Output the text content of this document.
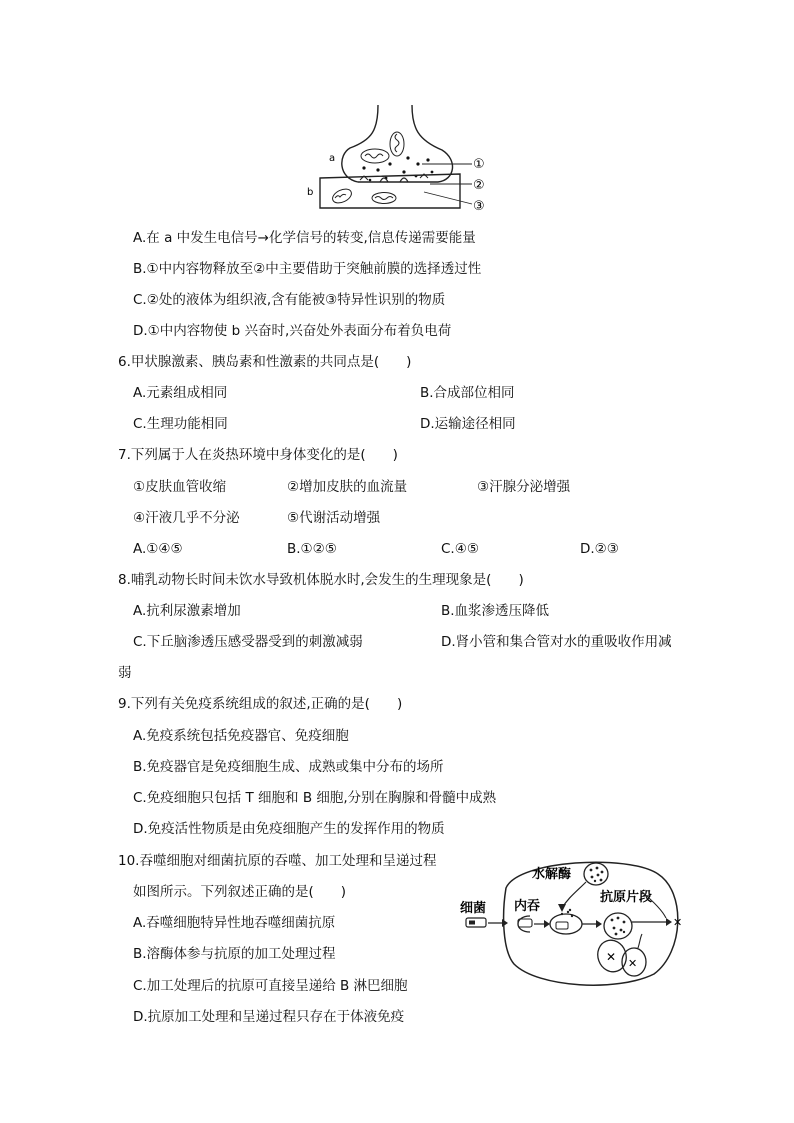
a
b
①
②
③
A.在 a 中发生电信号→化学信号的转变,信息传递需要能量
B.①中内容物释放至②中主要借助于突触前膜的选择透过性
C.②处的液体为组织液,含有能被③特异性识别的物质
D.①中内容物使 b 兴奋时,兴奋处外表面分布着负电荷
6.甲状腺激素、胰岛素和性激素的共同点是(　　)
A.元素组成相同	B.合成部位相同
C.生理功能相同	D.运输途径相同
7.下列属于人在炎热环境中身体变化的是(　　)
①皮肤血管收缩	②增加皮肤的血流量	③汗腺分泌增强
④汗液几乎不分泌	⑤代谢活动增强
A.①④⑤	B.①②⑤	C.④⑤	D.②③
8.哺乳动物长时间未饮水导致机体脱水时,会发生的生理现象是(　　)
A.抗利尿激素增加	B.血浆渗透压降低
C.下丘脑渗透压感受器受到的刺激减弱	D.肾小管和集合管对水的重吸收作用减
弱
9.下列有关免疫系统组成的叙述,正确的是(　　)
A.免疫系统包括免疫器官、免疫细胞
B.免疫器官是免疫细胞生成、成熟或集中分布的场所
C.免疫细胞只包括 T 细胞和 B 细胞,分别在胸腺和骨髓中成熟
D.免疫活性物质是由免疫细胞产生的发挥作用的物质
10.吞噬细胞对细菌抗原的吞噬、加工处理和呈递过程
如图所示。下列叙述正确的是(　　)
A.吞噬细胞特异性地吞噬细菌抗原
B.溶酶体参与抗原的加工处理过程
C.加工处理后的抗原可直接呈递给 B 淋巴细胞
D.抗原加工处理和呈递过程只存在于体液免疫
细菌 内吞
水解酶
抗原片段
✕
✕
✕
